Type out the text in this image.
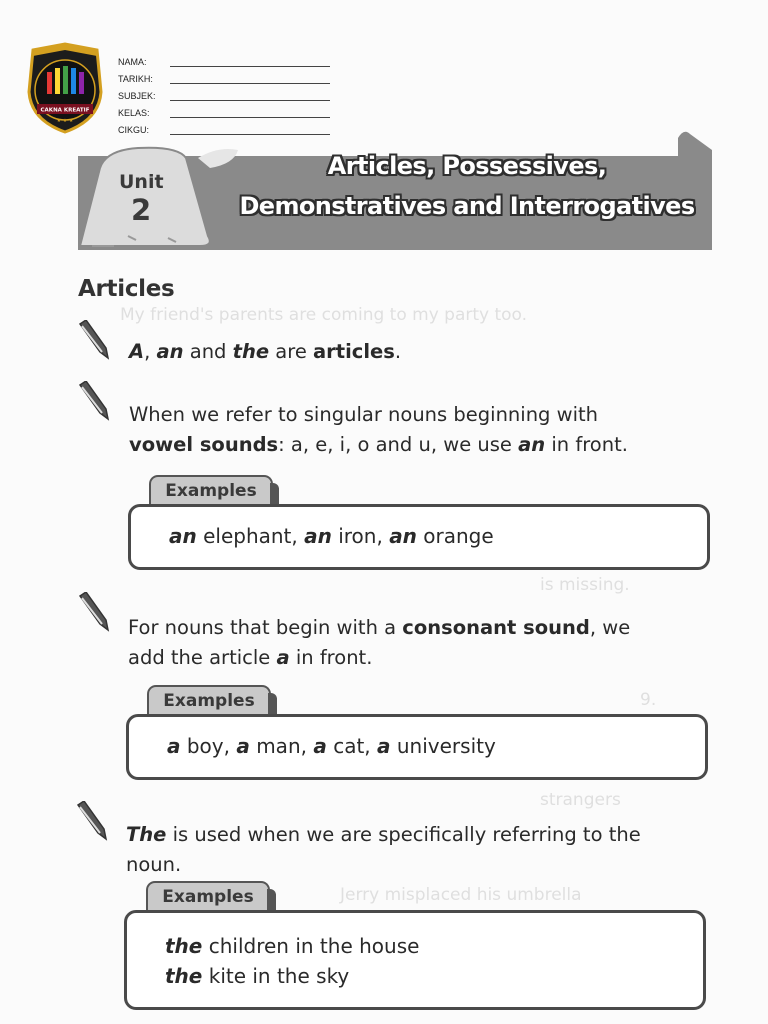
My friend's parents are coming to my party too.
is missing.
9.
strangers
Jerry misplaced his umbrella
CAKNA KREATIF
★ ★ ★
NAMA:
TARIKH:
SUBJEK:
KELAS:
CIKGU:
Unit
2
Articles, Possessives,
Demonstratives and Interrogatives
Articles
A, an and the are articles.
When we refer to singular nouns beginning with
vowel sounds: a, e, i, o and u, we use an in front.
Examples
an elephant, an iron, an orange
For nouns that begin with a consonant sound, we
add the article a in front.
Examples
a boy, a man, a cat, a university
The is used when we are specifically referring to the
noun.
Examples
the children in the house
the kite in the sky
